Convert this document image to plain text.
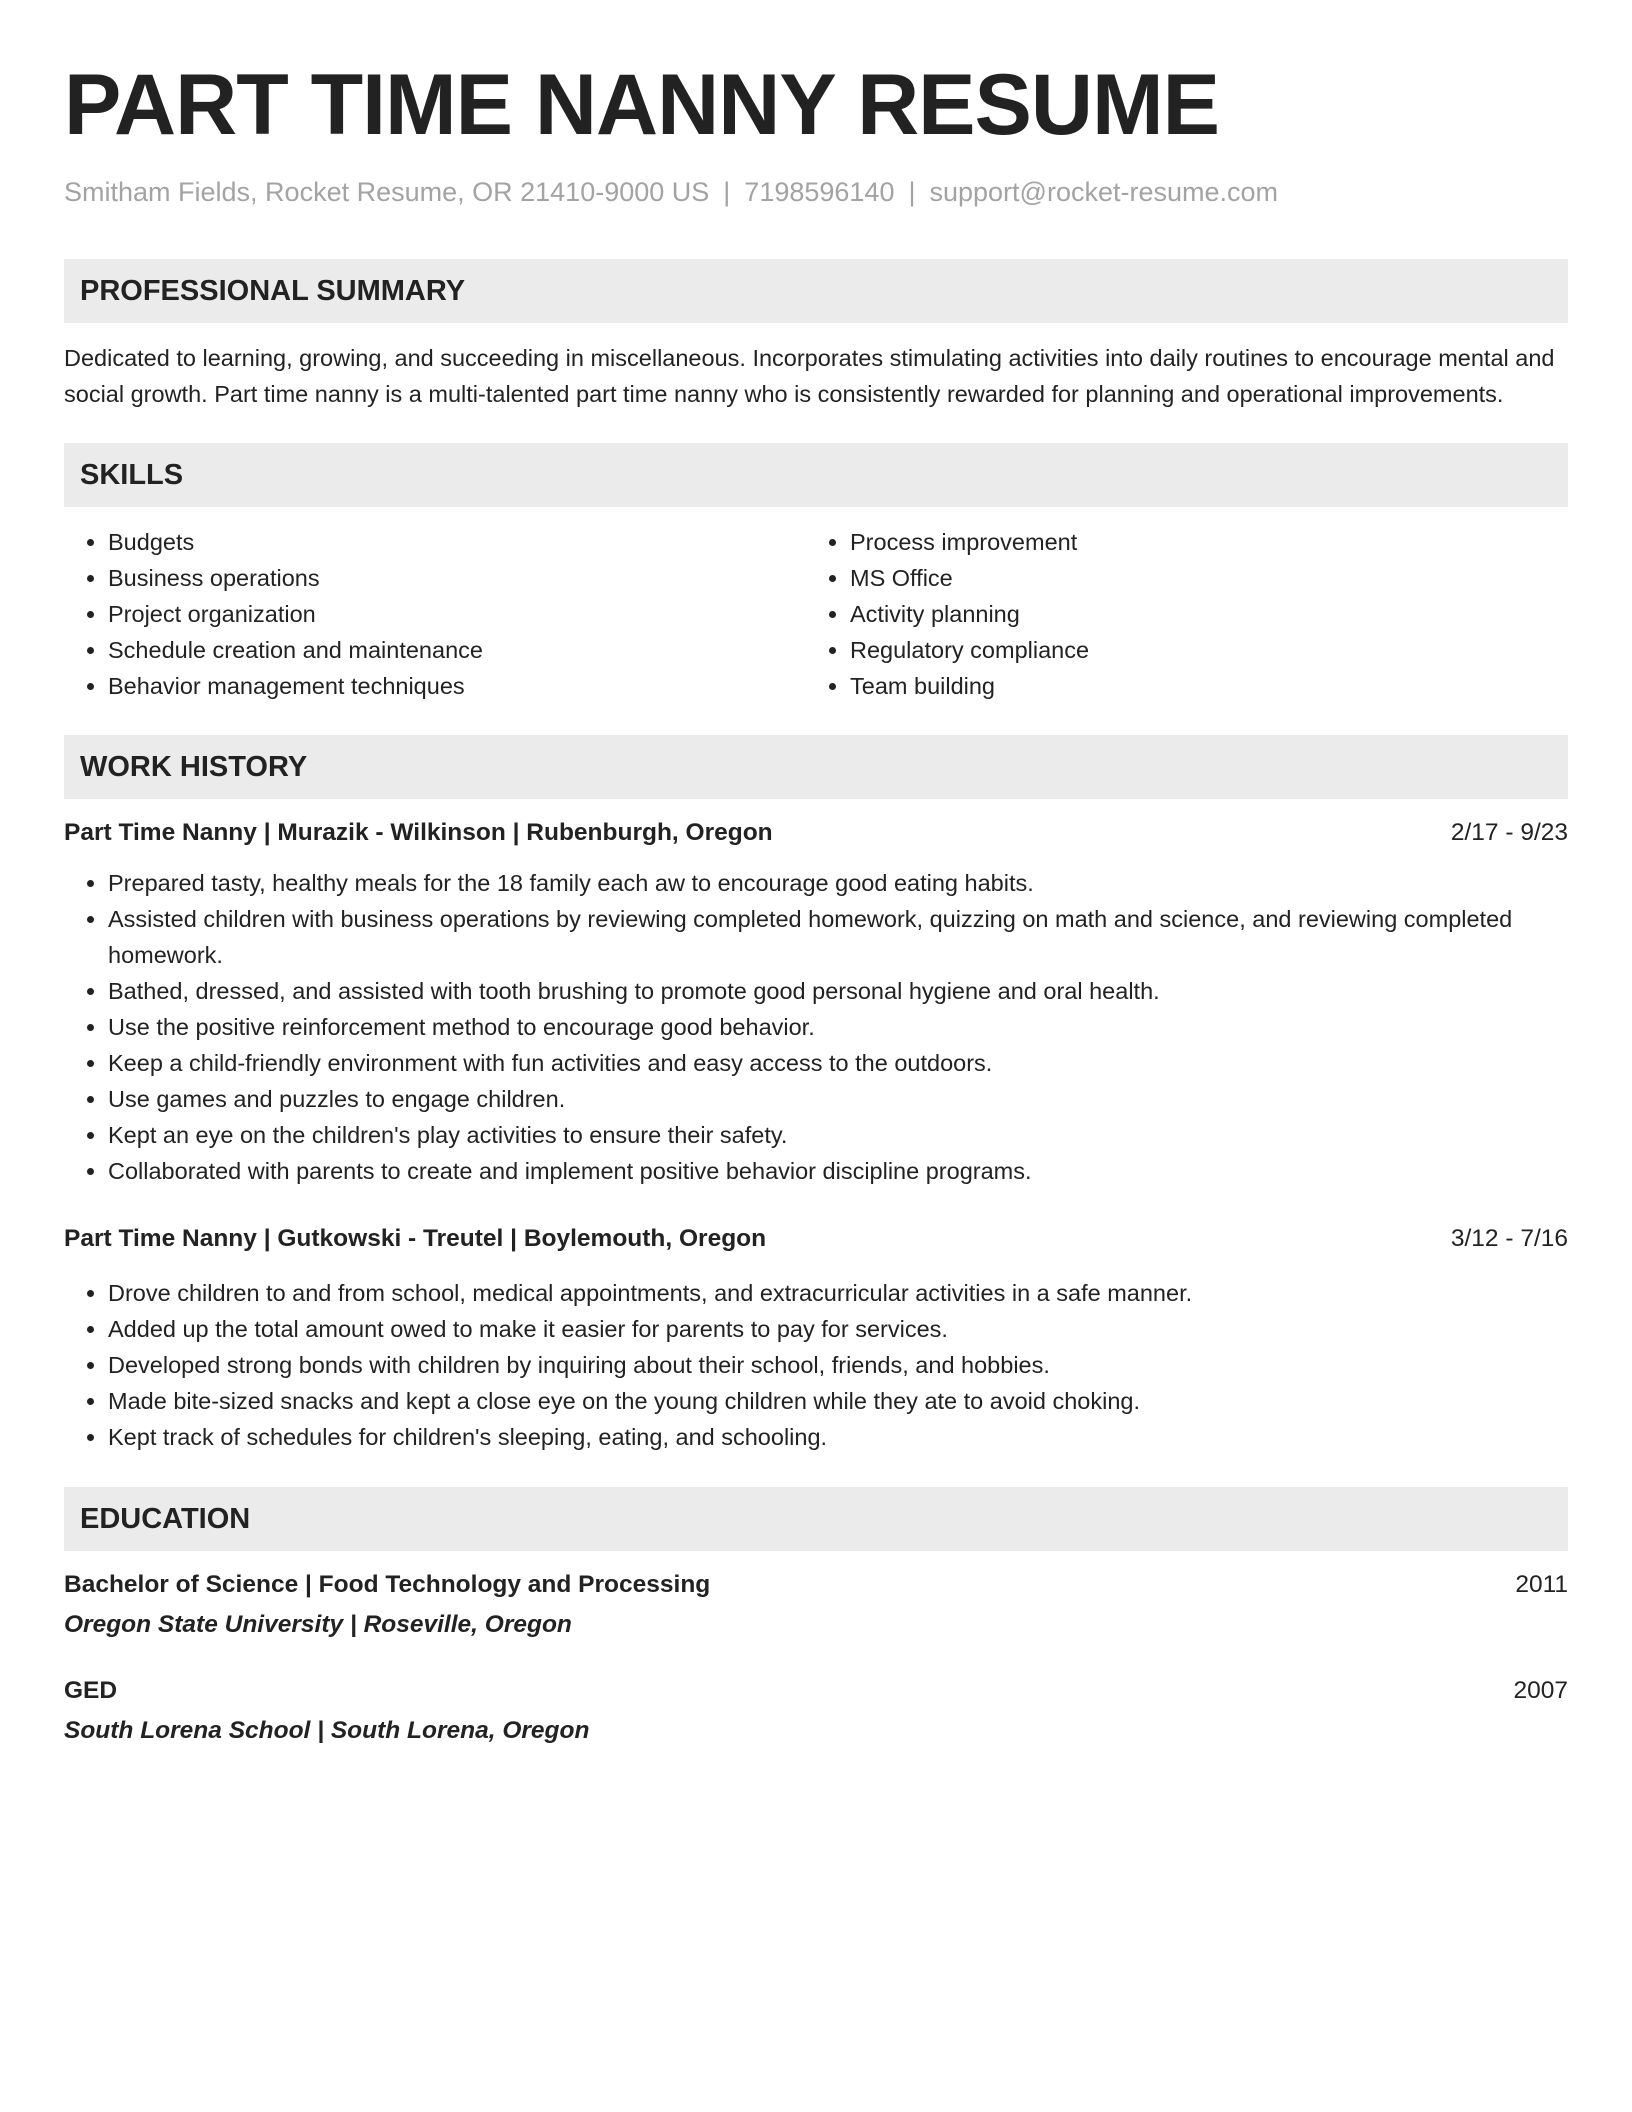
PART TIME NANNY RESUME
Smitham Fields, Rocket Resume, OR 21410-9000 US | 7198596140 | support@rocket-resume.com
PROFESSIONAL SUMMARY

Dedicated to learning, growing, and succeeding in miscellaneous. Incorporates stimulating activities into daily routines to encourage mental and social growth. Part time nanny is a multi-talented part time nanny who is consistently rewarded for planning and operational improvements.

SKILLS
• Budgets
• Business operations
• Project organization
• Schedule creation and maintenance
• Behavior management techniques
• Process improvement
• MS Office
• Activity planning
• Regulatory compliance
• Team building
WORK HISTORY
Part Time Nanny | Murazik - Wilkinson | Rubenburgh, Oregon	2/17 - 9/23
• Prepared tasty, healthy meals for the 18 family each aw to encourage good eating habits.
• Assisted children with business operations by reviewing completed homework, quizzing on math and science, and reviewing completed homework.
• Bathed, dressed, and assisted with tooth brushing to promote good personal hygiene and oral health.
• Use the positive reinforcement method to encourage good behavior.
• Keep a child-friendly environment with fun activities and easy access to the outdoors.
• Use games and puzzles to engage children.
• Kept an eye on the children's play activities to ensure their safety.
• Collaborated with parents to create and implement positive behavior discipline programs.
Part Time Nanny | Gutkowski - Treutel | Boylemouth, Oregon	3/12 - 7/16
• Drove children to and from school, medical appointments, and extracurricular activities in a safe manner.
• Added up the total amount owed to make it easier for parents to pay for services.
• Developed strong bonds with children by inquiring about their school, friends, and hobbies.
• Made bite-sized snacks and kept a close eye on the young children while they ate to avoid choking.
• Kept track of schedules for children's sleeping, eating, and schooling.
EDUCATION
Bachelor of Science | Food Technology and Processing	2011
Oregon State University | Roseville, Oregon
GED	2007
South Lorena School | South Lorena, Oregon
